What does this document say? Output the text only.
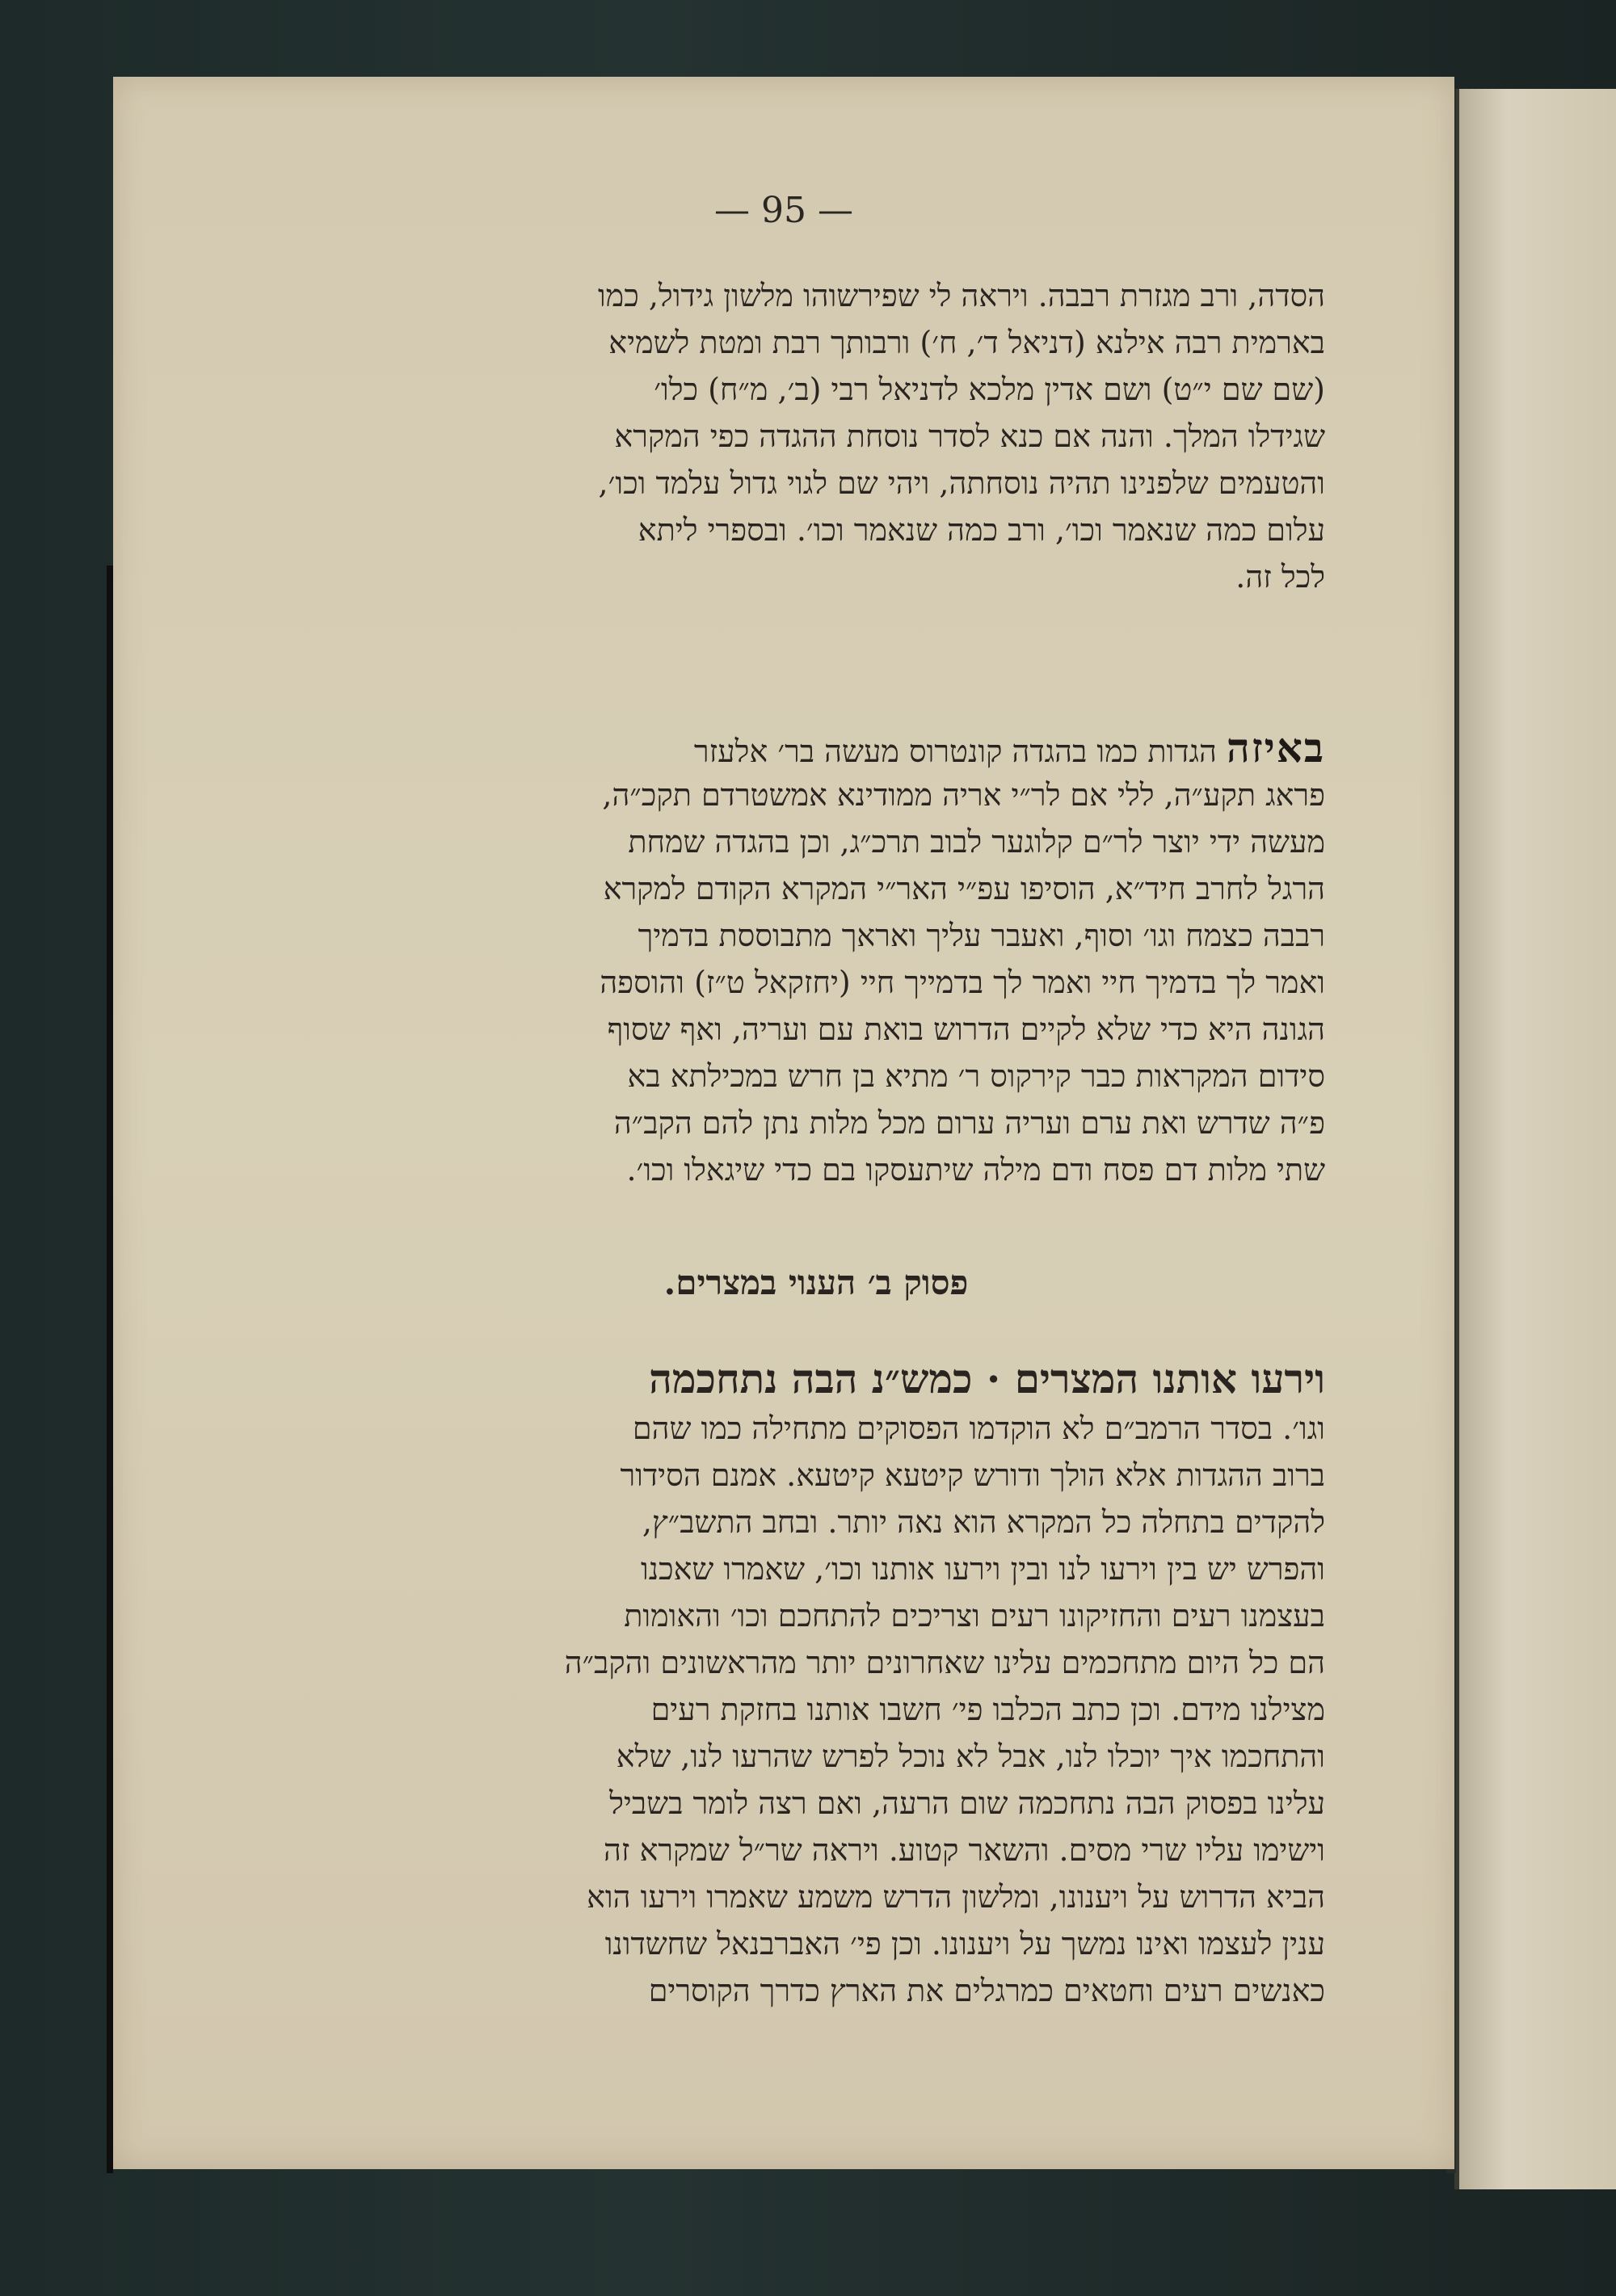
— 95 —
הסדה, ורב מגזרת רבבה. ויראה לי שפירשוהו מלשון גידול, כמו
בארמית רבה אילנא (דניאל ד׳, ח׳) ורבותך רבת ומטת לשמיא
(שם שם י״ט) ושם אדין מלכא לדניאל רבי (ב׳, מ״ח) כלו׳
שגידלו המלך. והנה אם כנא לסדר נוסחת ההגדה כפי המקרא
והטעמים שלפנינו תהיה נוסחתה, ויהי שם לגוי גדול עלמד וכו׳,
עלום כמה שנאמר וכו׳, ורב כמה שנאמר וכו׳. ובספרי ליתא
לכל זה.
באיזה הגדות כמו בהגדה קונטרוס מעשה בר׳ אלעזר
פראג תקע״ה, ללי אם לר״י אריה ממודינא אמשטרדם תקכ״ה,
מעשה ידי יוצר לר״ם קלוגער לבוב תרכ״ג, וכן בהגדה שמחת
הרגל לחרב חיד״א, הוסיפו עפ״י האר״י המקרא הקודם למקרא
רבבה כצמח וגו׳ וסוף, ואעבר עליך ואראך מתבוססת בדמיך
ואמר לך בדמיך חיי ואמר לך בדמייך חיי (יחזקאל ט״ז) והוספה
הגונה היא כדי שלא לקיים הדרוש בואת עם ועריה, ואף שסוף
סידום המקראות כבר קירקוס ר׳ מתיא בן חרש במכילתא בא
פ״ה שדרש ואת ערם ועריה ערום מכל מלות נתן להם הקב״ה
שתי מלות דם פסח ודם מילה שיתעסקו בם כדי שיגאלו וכו׳.
פסוק ב׳ הענוי במצרים.
וירעו אותנו המצרים · כמש״נ הבה נתחכמה
וגו׳. בסדר הרמב״ם לא הוקדמו הפסוקים מתחילה כמו שהם
ברוב ההגדות אלא הולך ודורש קיטעא קיטעא. אמנם הסידור
להקדים בתחלה כל המקרא הוא נאה יותר. ובחב התשב״ץ,
והפרש יש בין וירעו לנו ובין וירעו אותנו וכו׳, שאמרו שאכנו
בעצמנו רעים והחזיקונו רעים וצריכים להתחכם וכו׳ והאומות
הם כל היום מתחכמים עלינו שאחרונים יותר מהראשונים והקב״ה
מצילנו מידם. וכן כתב הכלבו פי׳ חשבו אותנו בחזקת רעים
והתחכמו איך יוכלו לנו, אבל לא נוכל לפרש שהרעו לנו, שלא
עלינו בפסוק הבה נתחכמה שום הרעה, ואם רצה לומר בשביל
וישימו עליו שרי מסים. והשאר קטוע. ויראה שר״ל שמקרא זה
הביא הדרוש על ויענונו, ומלשון הדרש משמע שאמרו וירעו הוא
ענין לעצמו ואינו נמשך על ויענונו. וכן פי׳ האברבנאל שחשדונו
כאנשים רעים וחטאים כמרגלים את הארץ כדרך הקוסרים
